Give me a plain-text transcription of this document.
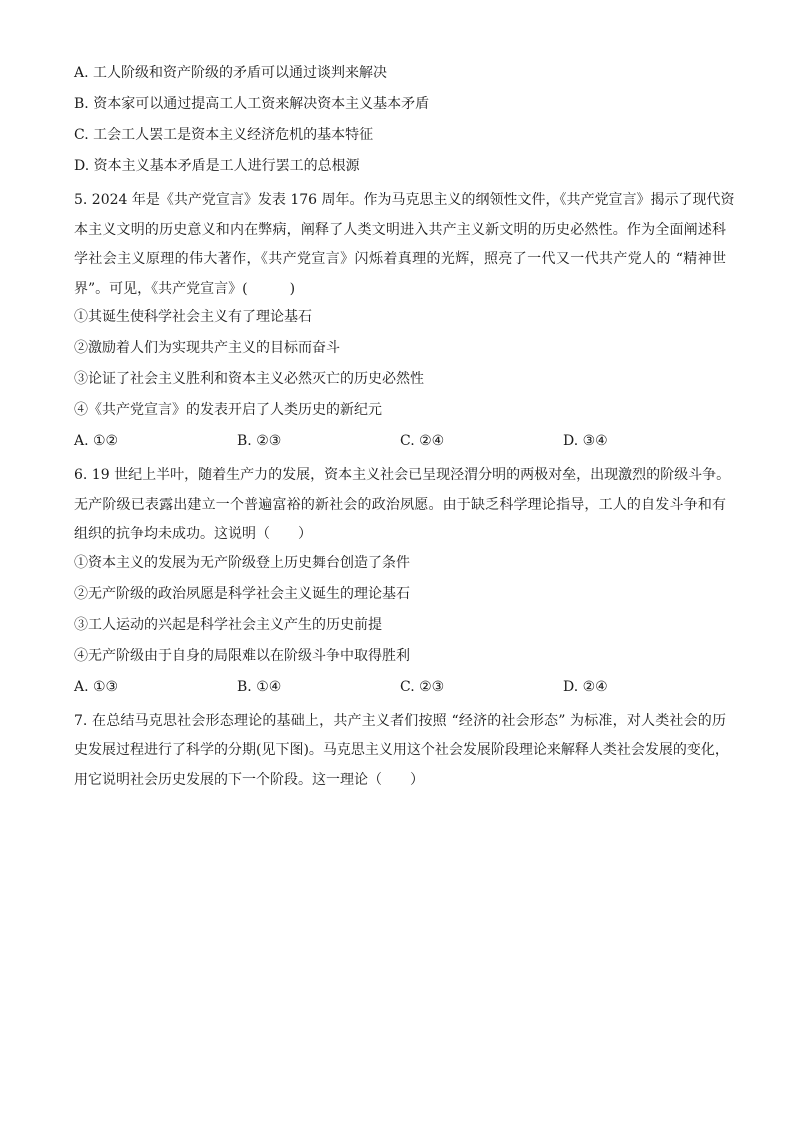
A. 工人阶级和资产阶级的矛盾可以通过谈判来解决
B. 资本家可以通过提高工人工资来解决资本主义基本矛盾
C. 工会工人罢工是资本主义经济危机的基本特征
D. 资本主义基本矛盾是工人进行罢工的总根源
5. 2024 年是《共产党宣言》发表 176 周年。作为马克思主义的纲领性文件，《共产党宣言》揭示了现代资
本主义文明的历史意义和内在弊病，阐释了人类文明进入共产主义新文明的历史必然性。作为全面阐述科
学社会主义原理的伟大著作，《共产党宣言》闪烁着真理的光辉，照亮了一代又一代共产党人的 “精神世
界”。可见，《共产党宣言》(　　　)
①其诞生使科学社会主义有了理论基石
②激励着人们为实现共产主义的目标而奋斗
③论证了社会主义胜利和资本主义必然灭亡的历史必然性
④《共产党宣言》的发表开启了人类历史的新纪元
A. ①②	B. ②③	C. ②④	D. ③④
6. 19 世纪上半叶，随着生产力的发展，资本主义社会已呈现泾渭分明的两极对垒，出现激烈的阶级斗争。
无产阶级已表露出建立一个普遍富裕的新社会的政治夙愿。由于缺乏科学理论指导，工人的自发斗争和有
组织的抗争均未成功。这说明（　　）
①资本主义的发展为无产阶级登上历史舞台创造了条件
②无产阶级的政治夙愿是科学社会主义诞生的理论基石
③工人运动的兴起是科学社会主义产生的历史前提
④无产阶级由于自身的局限难以在阶级斗争中取得胜利
A. ①③	B. ①④	C. ②③	D. ②④
7. 在总结马克思社会形态理论的基础上，共产主义者们按照 “经济的社会形态” 为标准，对人类社会的历
史发展过程进行了科学的分期(见下图)。马克思主义用这个社会发展阶段理论来解释人类社会发展的变化，
用它说明社会历史发展的下一个阶段。这一理论（　　）
